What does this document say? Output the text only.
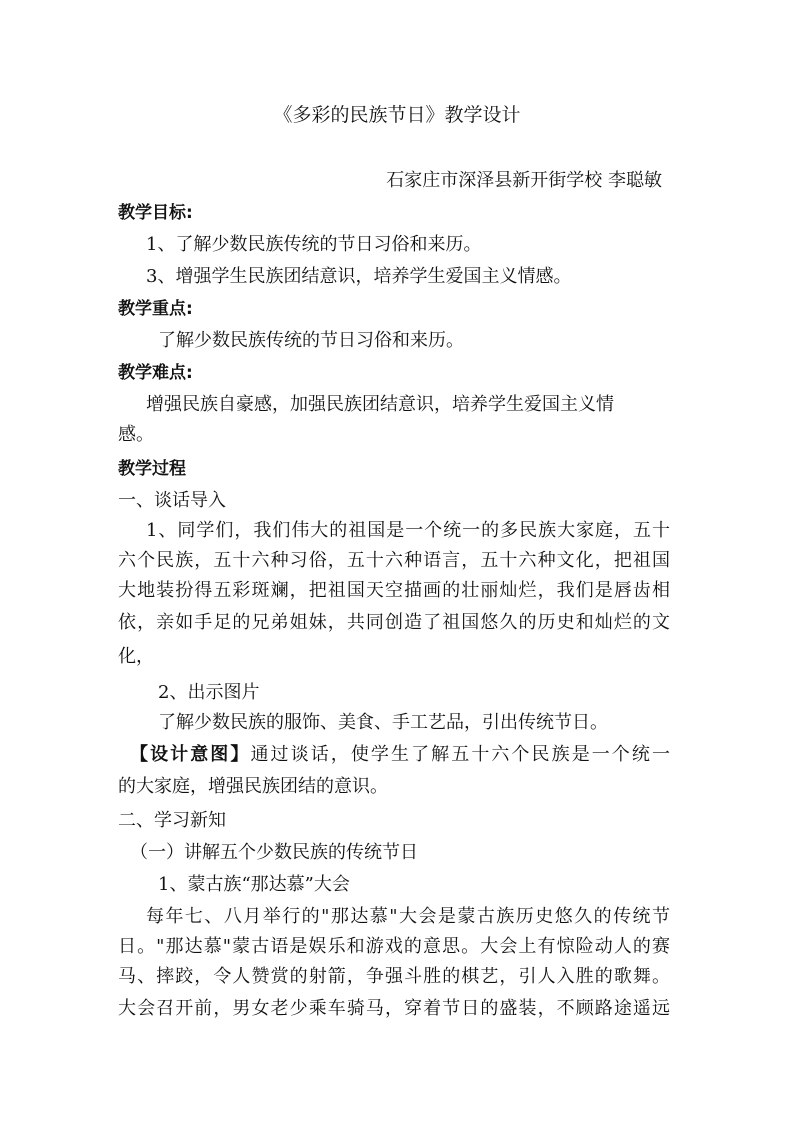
《多彩的民族节日》教学设计
石家庄市深泽县新开街学校 李聪敏
教学目标:
1、了解少数民族传统的节日习俗和来历。
3、增强学生民族团结意识，培养学生爱国主义情感。
教学重点:
了解少数民族传统的节日习俗和来历。
教学难点:
增强民族自豪感，加强民族团结意识，培养学生爱国主义情
感。
教学过程
一、谈话导入
1、同学们，我们伟大的祖国是一个统一的多民族大家庭，五十
六个民族，五十六种习俗，五十六种语言，五十六种文化，把祖国
大地装扮得五彩斑斓，把祖国天空描画的壮丽灿烂，我们是唇齿相
依，亲如手足的兄弟姐妹，共同创造了祖国悠久的历史和灿烂的文
化，
2、出示图片
了解少数民族的服饰、美食、手工艺品，引出传统节日。
【设计意图】通过谈话，使学生了解五十六个民族是一个统一
的大家庭，增强民族团结的意识。
二、学习新知
（一）讲解五个少数民族的传统节日
1、蒙古族“那达慕”大会
每年七、八月举行的"那达慕"大会是蒙古族历史悠久的传统节
日。"那达慕"蒙古语是娱乐和游戏的意思。大会上有惊险动人的赛
马、摔跤，令人赞赏的射箭，争强斗胜的棋艺，引人入胜的歌舞。
大会召开前，男女老少乘车骑马，穿着节日的盛装，不顾路途遥远
